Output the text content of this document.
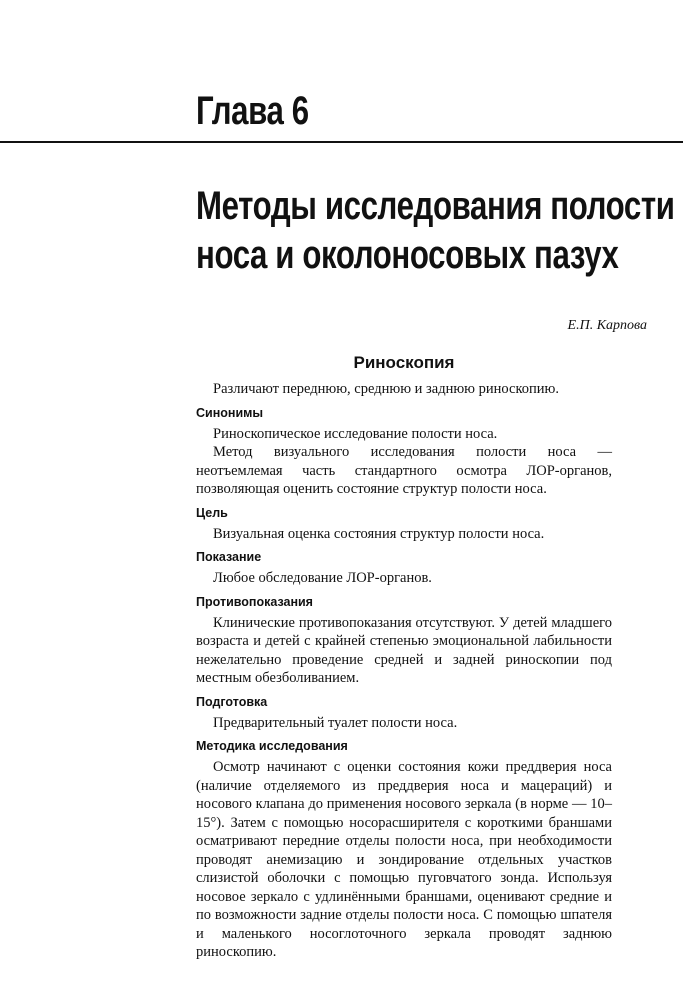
Глава 6
Методы исследования полости
носа и околоносовых пазух
Е.П. Карпова
Риноскопия

Различают переднюю, среднюю и заднюю риноскопию.

Синонимы

Риноскопическое исследование полости носа.

Метод визуального исследования полости носа — неотъемлемая часть стандартного осмотра ЛОР-органов, позволяющая оценить состояние структур полости носа.

Цель

Визуальная оценка состояния структур полости носа.

Показание

Любое обследование ЛОР-органов.

Противопоказания

Клинические противопоказания отсутствуют. У детей младшего возраста и детей с крайней степенью эмоциональной лабильности нежелательно проведение средней и задней риноскопии под местным обезболиванием.

Подготовка

Предварительный туалет полости носа.

Методика исследования

Осмотр начинают с оценки состояния кожи преддверия носа (наличие отделяемого из преддверия носа и мацераций) и носового клапана до применения носового зеркала (в норме — 10–15°). Затем с помощью носорасширителя с короткими браншами осматривают передние отделы полости носа, при необходимости проводят анемизацию и зондирование отдельных участков слизистой оболочки с помощью пуговчатого зонда. Используя носовое зеркало с удлинёнными браншами, оценивают средние и по возможности задние отделы полости носа. С помощью шпателя и маленького носоглоточного зеркала проводят заднюю риноскопию.
